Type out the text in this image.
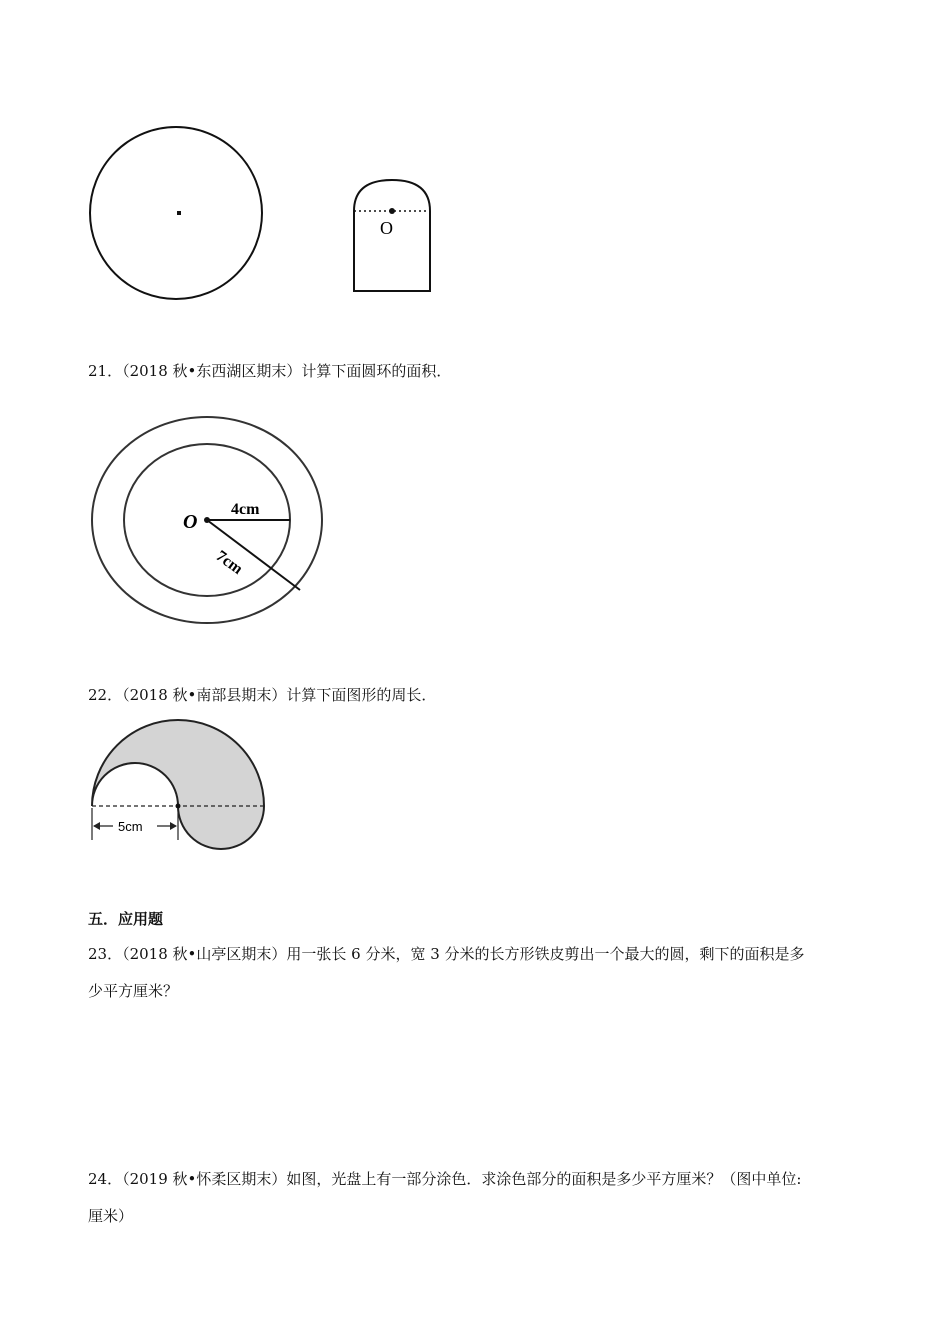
O
21．（2018 秋•东西湖区期末）计算下面圆环的面积．
O
4cm
7cm
22．（2018 秋•南部县期末）计算下面图形的周长．
5cm
五．应用题
23．（2018 秋•山亭区期末）用一张长 6 分米，宽 3 分米的长方形铁皮剪出一个最大的圆，剩下的面积是多
少平方厘米？
24．（2019 秋•怀柔区期末）如图，光盘上有一部分涂色．求涂色部分的面积是多少平方厘米？（图中单位:
厘米）
